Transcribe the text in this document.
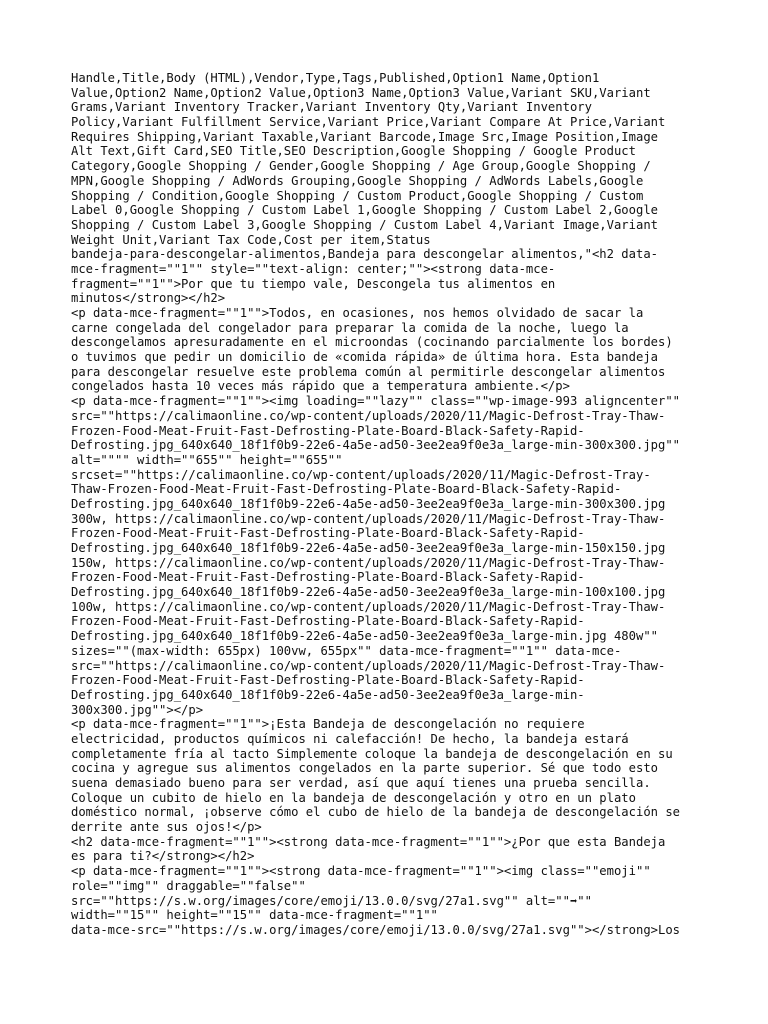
Handle,Title,Body (HTML),Vendor,Type,Tags,Published,Option1 Name,Option1
Value,Option2 Name,Option2 Value,Option3 Name,Option3 Value,Variant SKU,Variant
Grams,Variant Inventory Tracker,Variant Inventory Qty,Variant Inventory
Policy,Variant Fulfillment Service,Variant Price,Variant Compare At Price,Variant
Requires Shipping,Variant Taxable,Variant Barcode,Image Src,Image Position,Image
Alt Text,Gift Card,SEO Title,SEO Description,Google Shopping / Google Product
Category,Google Shopping / Gender,Google Shopping / Age Group,Google Shopping /
MPN,Google Shopping / AdWords Grouping,Google Shopping / AdWords Labels,Google
Shopping / Condition,Google Shopping / Custom Product,Google Shopping / Custom
Label 0,Google Shopping / Custom Label 1,Google Shopping / Custom Label 2,Google
Shopping / Custom Label 3,Google Shopping / Custom Label 4,Variant Image,Variant
Weight Unit,Variant Tax Code,Cost per item,Status
bandeja-para-descongelar-alimentos,Bandeja para descongelar alimentos,"<h2 data-
mce-fragment=""1"" style=""text-align: center;""><strong data-mce-
fragment=""1"">Por que tu tiempo vale, Descongela tus alimentos en
minutos</strong></h2>
<p data-mce-fragment=""1"">Todos, en ocasiones, nos hemos olvidado de sacar la
carne congelada del congelador para preparar la comida de la noche, luego la
descongelamos apresuradamente en el microondas (cocinando parcialmente los bordes)
o tuvimos que pedir un domicilio de «comida rápida» de última hora. Esta bandeja
para descongelar resuelve este problema común al permitirle descongelar alimentos
congelados hasta 10 veces más rápido que a temperatura ambiente.</p>
<p data-mce-fragment=""1""><img loading=""lazy"" class=""wp-image-993 aligncenter""
src=""https://calimaonline.co/wp-content/uploads/2020/11/Magic-Defrost-Tray-Thaw-
Frozen-Food-Meat-Fruit-Fast-Defrosting-Plate-Board-Black-Safety-Rapid-
Defrosting.jpg_640x640_18f1f0b9-22e6-4a5e-ad50-3ee2ea9f0e3a_large-min-300x300.jpg""
alt="""" width=""655"" height=""655""
srcset=""https://calimaonline.co/wp-content/uploads/2020/11/Magic-Defrost-Tray-
Thaw-Frozen-Food-Meat-Fruit-Fast-Defrosting-Plate-Board-Black-Safety-Rapid-
Defrosting.jpg_640x640_18f1f0b9-22e6-4a5e-ad50-3ee2ea9f0e3a_large-min-300x300.jpg
300w, https://calimaonline.co/wp-content/uploads/2020/11/Magic-Defrost-Tray-Thaw-
Frozen-Food-Meat-Fruit-Fast-Defrosting-Plate-Board-Black-Safety-Rapid-
Defrosting.jpg_640x640_18f1f0b9-22e6-4a5e-ad50-3ee2ea9f0e3a_large-min-150x150.jpg
150w, https://calimaonline.co/wp-content/uploads/2020/11/Magic-Defrost-Tray-Thaw-
Frozen-Food-Meat-Fruit-Fast-Defrosting-Plate-Board-Black-Safety-Rapid-
Defrosting.jpg_640x640_18f1f0b9-22e6-4a5e-ad50-3ee2ea9f0e3a_large-min-100x100.jpg
100w, https://calimaonline.co/wp-content/uploads/2020/11/Magic-Defrost-Tray-Thaw-
Frozen-Food-Meat-Fruit-Fast-Defrosting-Plate-Board-Black-Safety-Rapid-
Defrosting.jpg_640x640_18f1f0b9-22e6-4a5e-ad50-3ee2ea9f0e3a_large-min.jpg 480w""
sizes=""(max-width: 655px) 100vw, 655px"" data-mce-fragment=""1"" data-mce-
src=""https://calimaonline.co/wp-content/uploads/2020/11/Magic-Defrost-Tray-Thaw-
Frozen-Food-Meat-Fruit-Fast-Defrosting-Plate-Board-Black-Safety-Rapid-
Defrosting.jpg_640x640_18f1f0b9-22e6-4a5e-ad50-3ee2ea9f0e3a_large-min-
300x300.jpg""></p>
<p data-mce-fragment=""1"">¡Esta Bandeja de descongelación no requiere
electricidad, productos químicos ni calefacción! De hecho, la bandeja estará
completamente fría al tacto Simplemente coloque la bandeja de descongelación en su
cocina y agregue sus alimentos congelados en la parte superior. Sé que todo esto
suena demasiado bueno para ser verdad, así que aquí tienes una prueba sencilla.
Coloque un cubito de hielo en la bandeja de descongelación y otro en un plato
doméstico normal, ¡observe cómo el cubo de hielo de la bandeja de descongelación se
derrite ante sus ojos!</p>
<h2 data-mce-fragment=""1""><strong data-mce-fragment=""1"">¿Por que esta Bandeja
es para ti?</strong></h2>
<p data-mce-fragment=""1""><strong data-mce-fragment=""1""><img class=""emoji""
role=""img"" draggable=""false""
src=""https://s.w.org/images/core/emoji/13.0.0/svg/27a1.svg"" alt=""➡""
width=""15"" height=""15"" data-mce-fragment=""1""
data-mce-src=""https://s.w.org/images/core/emoji/13.0.0/svg/27a1.svg""></strong>Los
